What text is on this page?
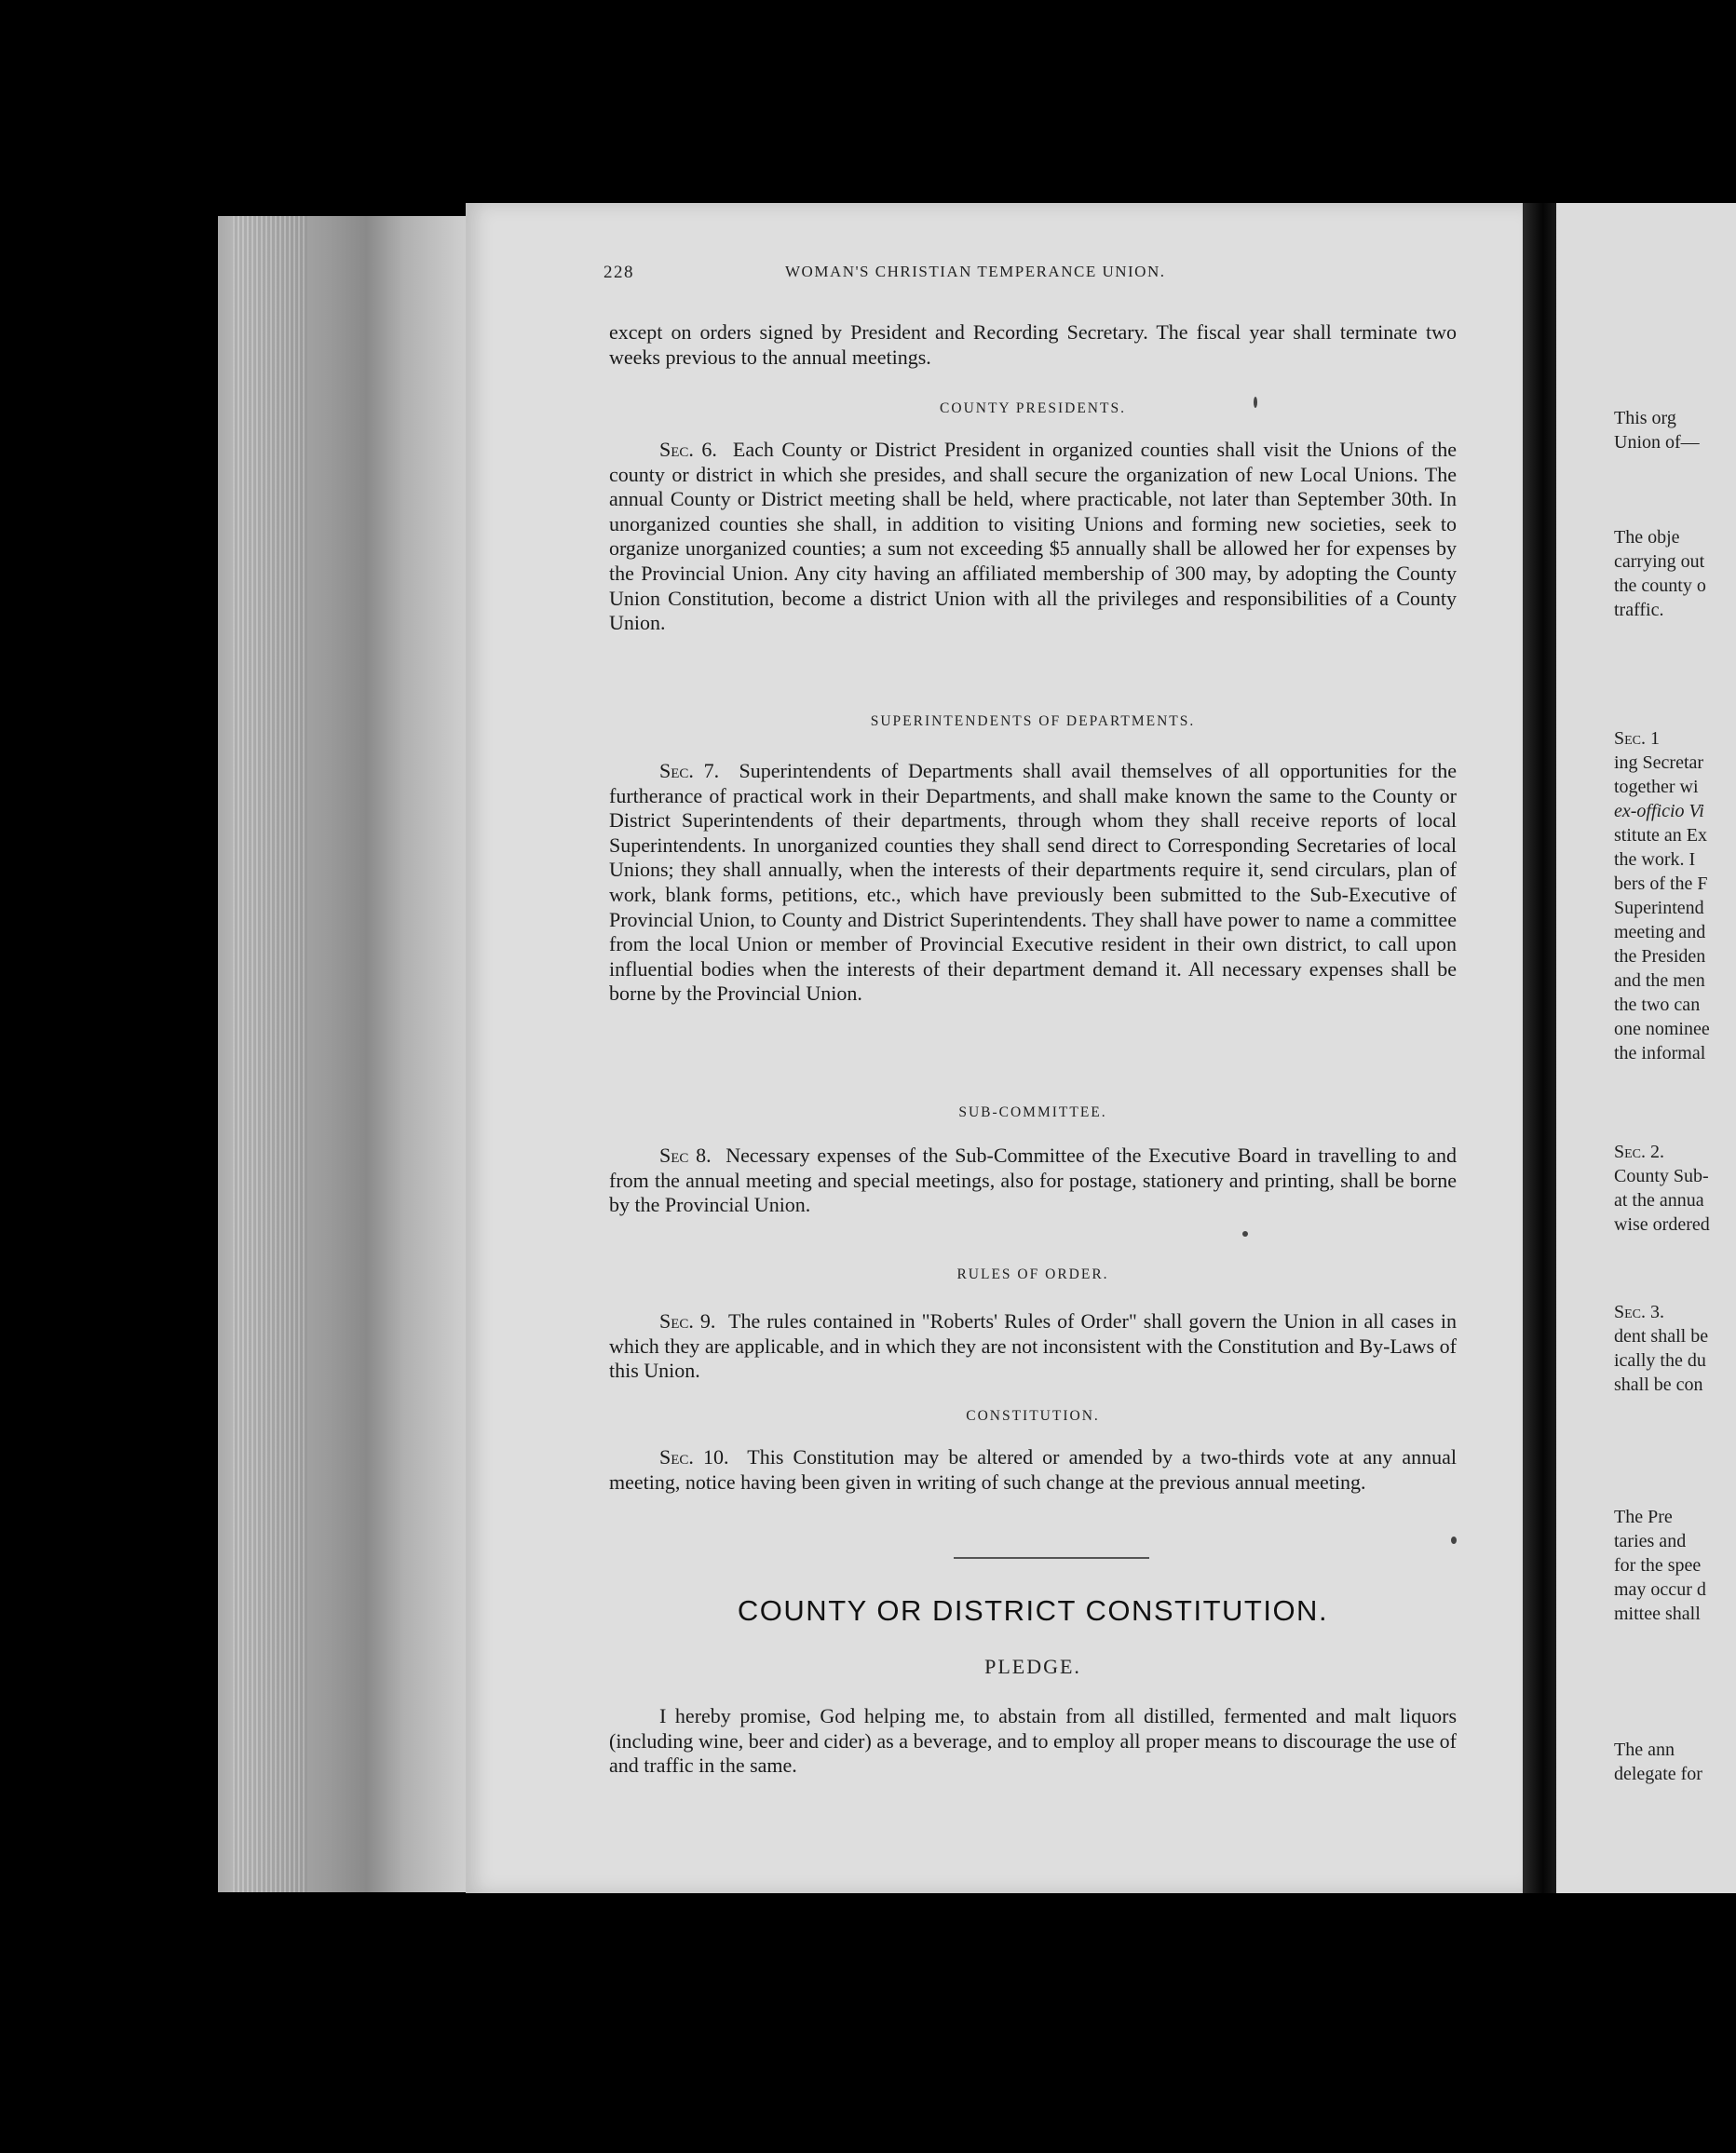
228	WOMAN'S CHRISTIAN TEMPERANCE UNION.
except on orders signed by President and Recording Secretary. The fiscal year shall terminate two weeks previous to the annual meetings.
COUNTY PRESIDENTS.
Sec. 6. Each County or District President in organized counties shall visit the Unions of the county or district in which she presides, and shall secure the organization of new Local Unions. The annual County or District meeting shall be held, where practicable, not later than September 30th. In unorganized counties she shall, in addition to visiting Unions and forming new societies, seek to organize unorganized counties; a sum not exceeding $5 annually shall be allowed her for expenses by the Provincial Union. Any city having an affiliated membership of 300 may, by adopting the County Union Constitution, become a district Union with all the privileges and responsibilities of a County Union.
SUPERINTENDENTS OF DEPARTMENTS.
Sec. 7. Superintendents of Departments shall avail themselves of all opportunities for the furtherance of practical work in their Departments, and shall make known the same to the County or District Superintendents of their departments, through whom they shall receive reports of local Superintendents. In unorganized counties they shall send direct to Corresponding Secretaries of local Unions; they shall annually, when the interests of their departments require it, send circulars, plan of work, blank forms, petitions, etc., which have previously been submitted to the Sub-Executive of Provincial Union, to County and District Superintendents. They shall have power to name a committee from the local Union or member of Provincial Executive resident in their own district, to call upon influential bodies when the interests of their department demand it. All necessary expenses shall be borne by the Provincial Union.
SUB-COMMITTEE.
Sec 8. Necessary expenses of the Sub-Committee of the Executive Board in travelling to and from the annual meeting and special meetings, also for postage, stationery and printing, shall be borne by the Provincial Union.
RULES OF ORDER.
Sec. 9. The rules contained in "Roberts' Rules of Order" shall govern the Union in all cases in which they are applicable, and in which they are not inconsistent with the Constitution and By-Laws of this Union.
CONSTITUTION.
Sec. 10. This Constitution may be altered or amended by a two-thirds vote at any annual meeting, notice having been given in writing of such change at the previous annual meeting.
COUNTY OR DISTRICT CONSTITUTION.
PLEDGE.
I hereby promise, God helping me, to abstain from all distilled, fermented and malt liquors (including wine, beer and cider) as a beverage, and to employ all proper means to discourage the use of and traffic in the same.
This org
Union of—
The obje
carrying out
the county o
traffic.
Sec. 1
ing Secretar
together wi
ex-officio Vi
stitute an Ex
the work. I
bers of the F
Superintend
meeting and
the Presiden
and the men
the two can
one nominee
the informal
Sec. 2.
County Sub-
at the annua
wise ordered
Sec. 3.
dent shall be
ically the du
shall be con
The Pre
taries and
for the spee
may occur d
mittee shall
The ann
delegate for
